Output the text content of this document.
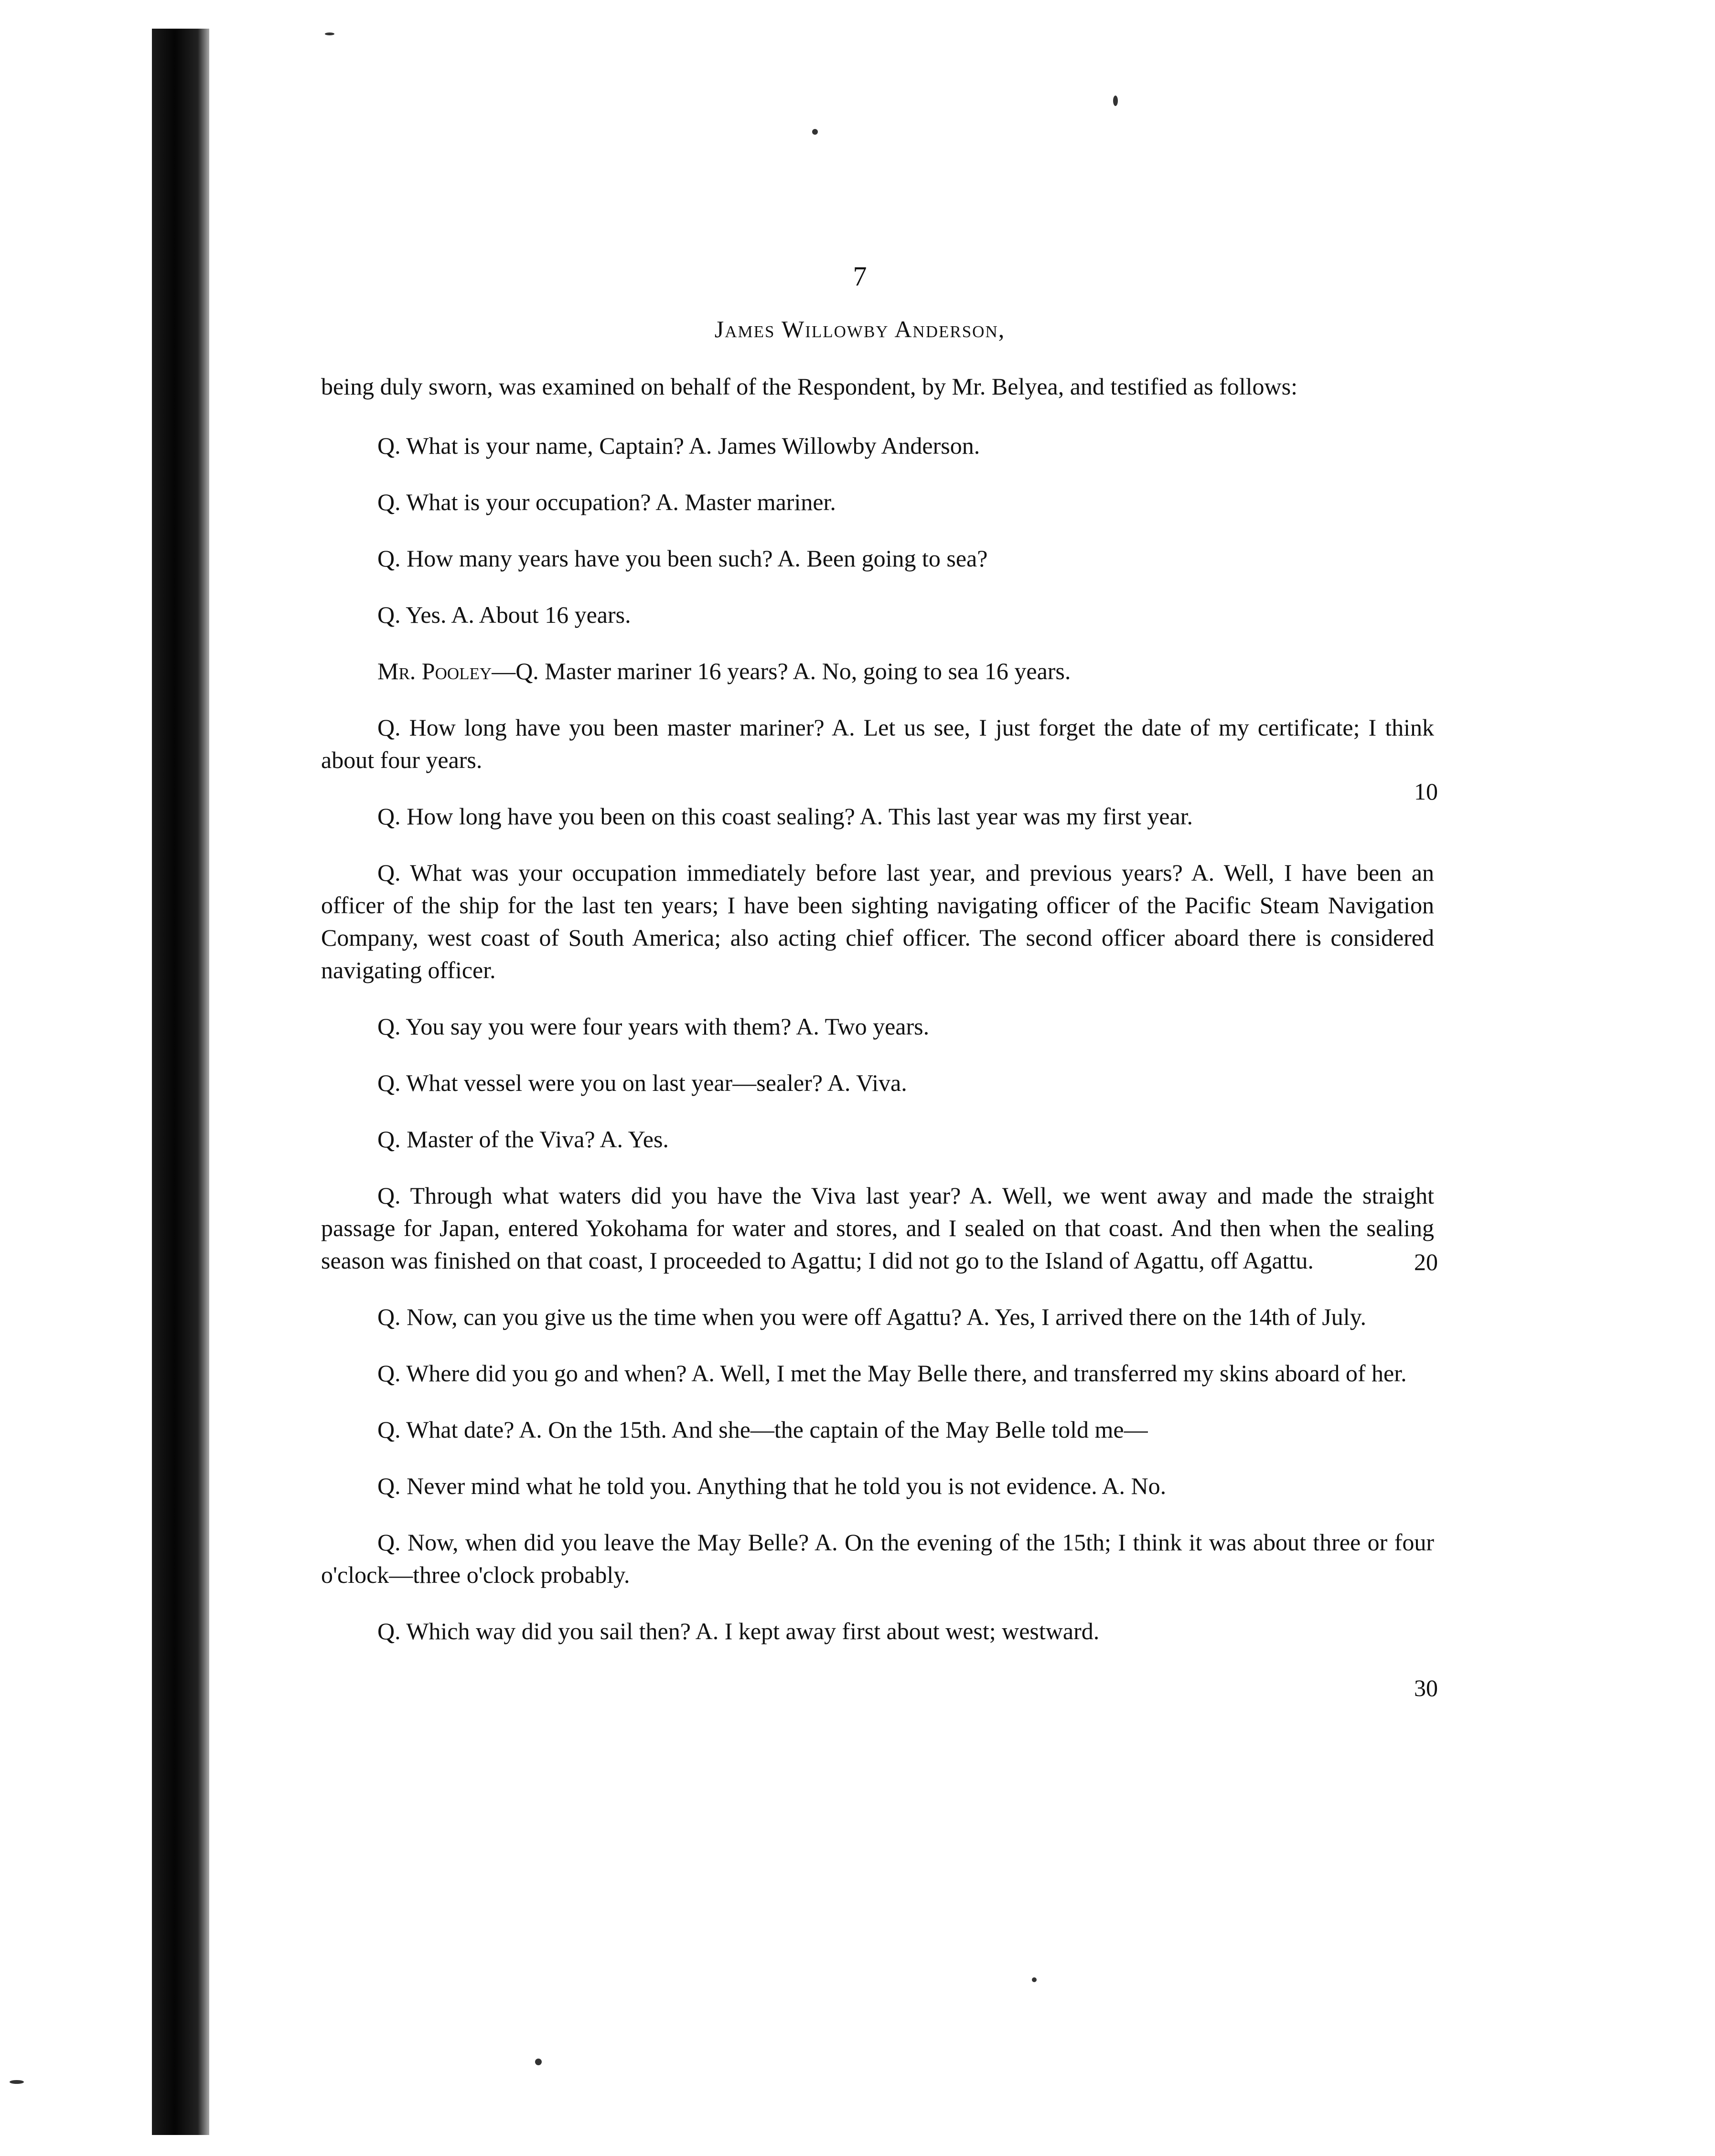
7
James Willowby Anderson,

being duly sworn, was examined on behalf of the Respondent, by Mr. Belyea, and testified as follows:

Q. What is your name, Captain? A. James Willowby Anderson.

Q. What is your occupation? A. Master mariner.

Q. How many years have you been such? A. Been going to sea?

Q. Yes. A. About 16 years.

Mr. Pooley—Q. Master mariner 16 years? A. No, going to sea 16 years.

Q. How long have you been master mariner? A. Let us see, I just forget the date of my certificate; I think about four years.

Q. How long have you been on this coast sealing? A. This last year was my first year.

Q. What was your occupation immediately before last year, and previous years? A. Well, I have been an officer of the ship for the last ten years; I have been sighting navigating officer of the Pacific Steam Navigation Company, west coast of South America; also acting chief officer. The second officer aboard there is considered navigating officer.

Q. You say you were four years with them? A. Two years.

Q. What vessel were you on last year—sealer? A. Viva.

Q. Master of the Viva? A. Yes.

Q. Through what waters did you have the Viva last year? A. Well, we went away and made the straight passage for Japan, entered Yokohama for water and stores, and I sealed on that coast. And then when the sealing season was finished on that coast, I proceeded to Agattu; I did not go to the Island of Agattu, off Agattu.

Q. Now, can you give us the time when you were off Agattu? A. Yes, I arrived there on the 14th of July.

Q. Where did you go and when? A. Well, I met the May Belle there, and transferred my skins aboard of her.

Q. What date? A. On the 15th. And she—the captain of the May Belle told me—

Q. Never mind what he told you. Anything that he told you is not evidence. A. No.

Q. Now, when did you leave the May Belle? A. On the evening of the 15th; I think it was about three or four o'clock—three o'clock probably.

Q. Which way did you sail then? A. I kept away first about west; westward.

10
20
30
